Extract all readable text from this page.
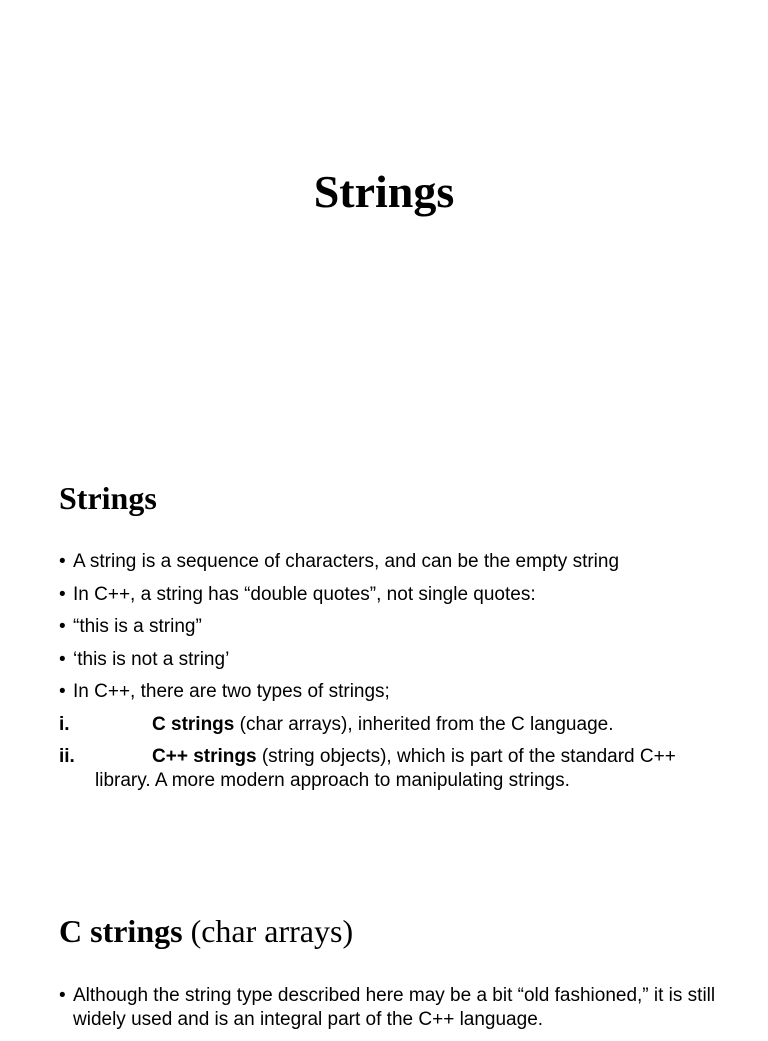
Strings
Strings
• A string is a sequence of characters, and can be the empty string
• In C++, a string has “double quotes”, not single quotes:
• “this is a string”
• ‘this is not a string’
• In C++, there are two types of strings;
i.	C strings (char arrays), inherited from the C language.
ii.	C++ strings (string objects), which is part of the standard C++
library. A more modern approach to manipulating strings.
C strings (char arrays)
• Although the string type described here may be a bit “old fashioned,” it is still widely used and is an integral part of the C++ language.
